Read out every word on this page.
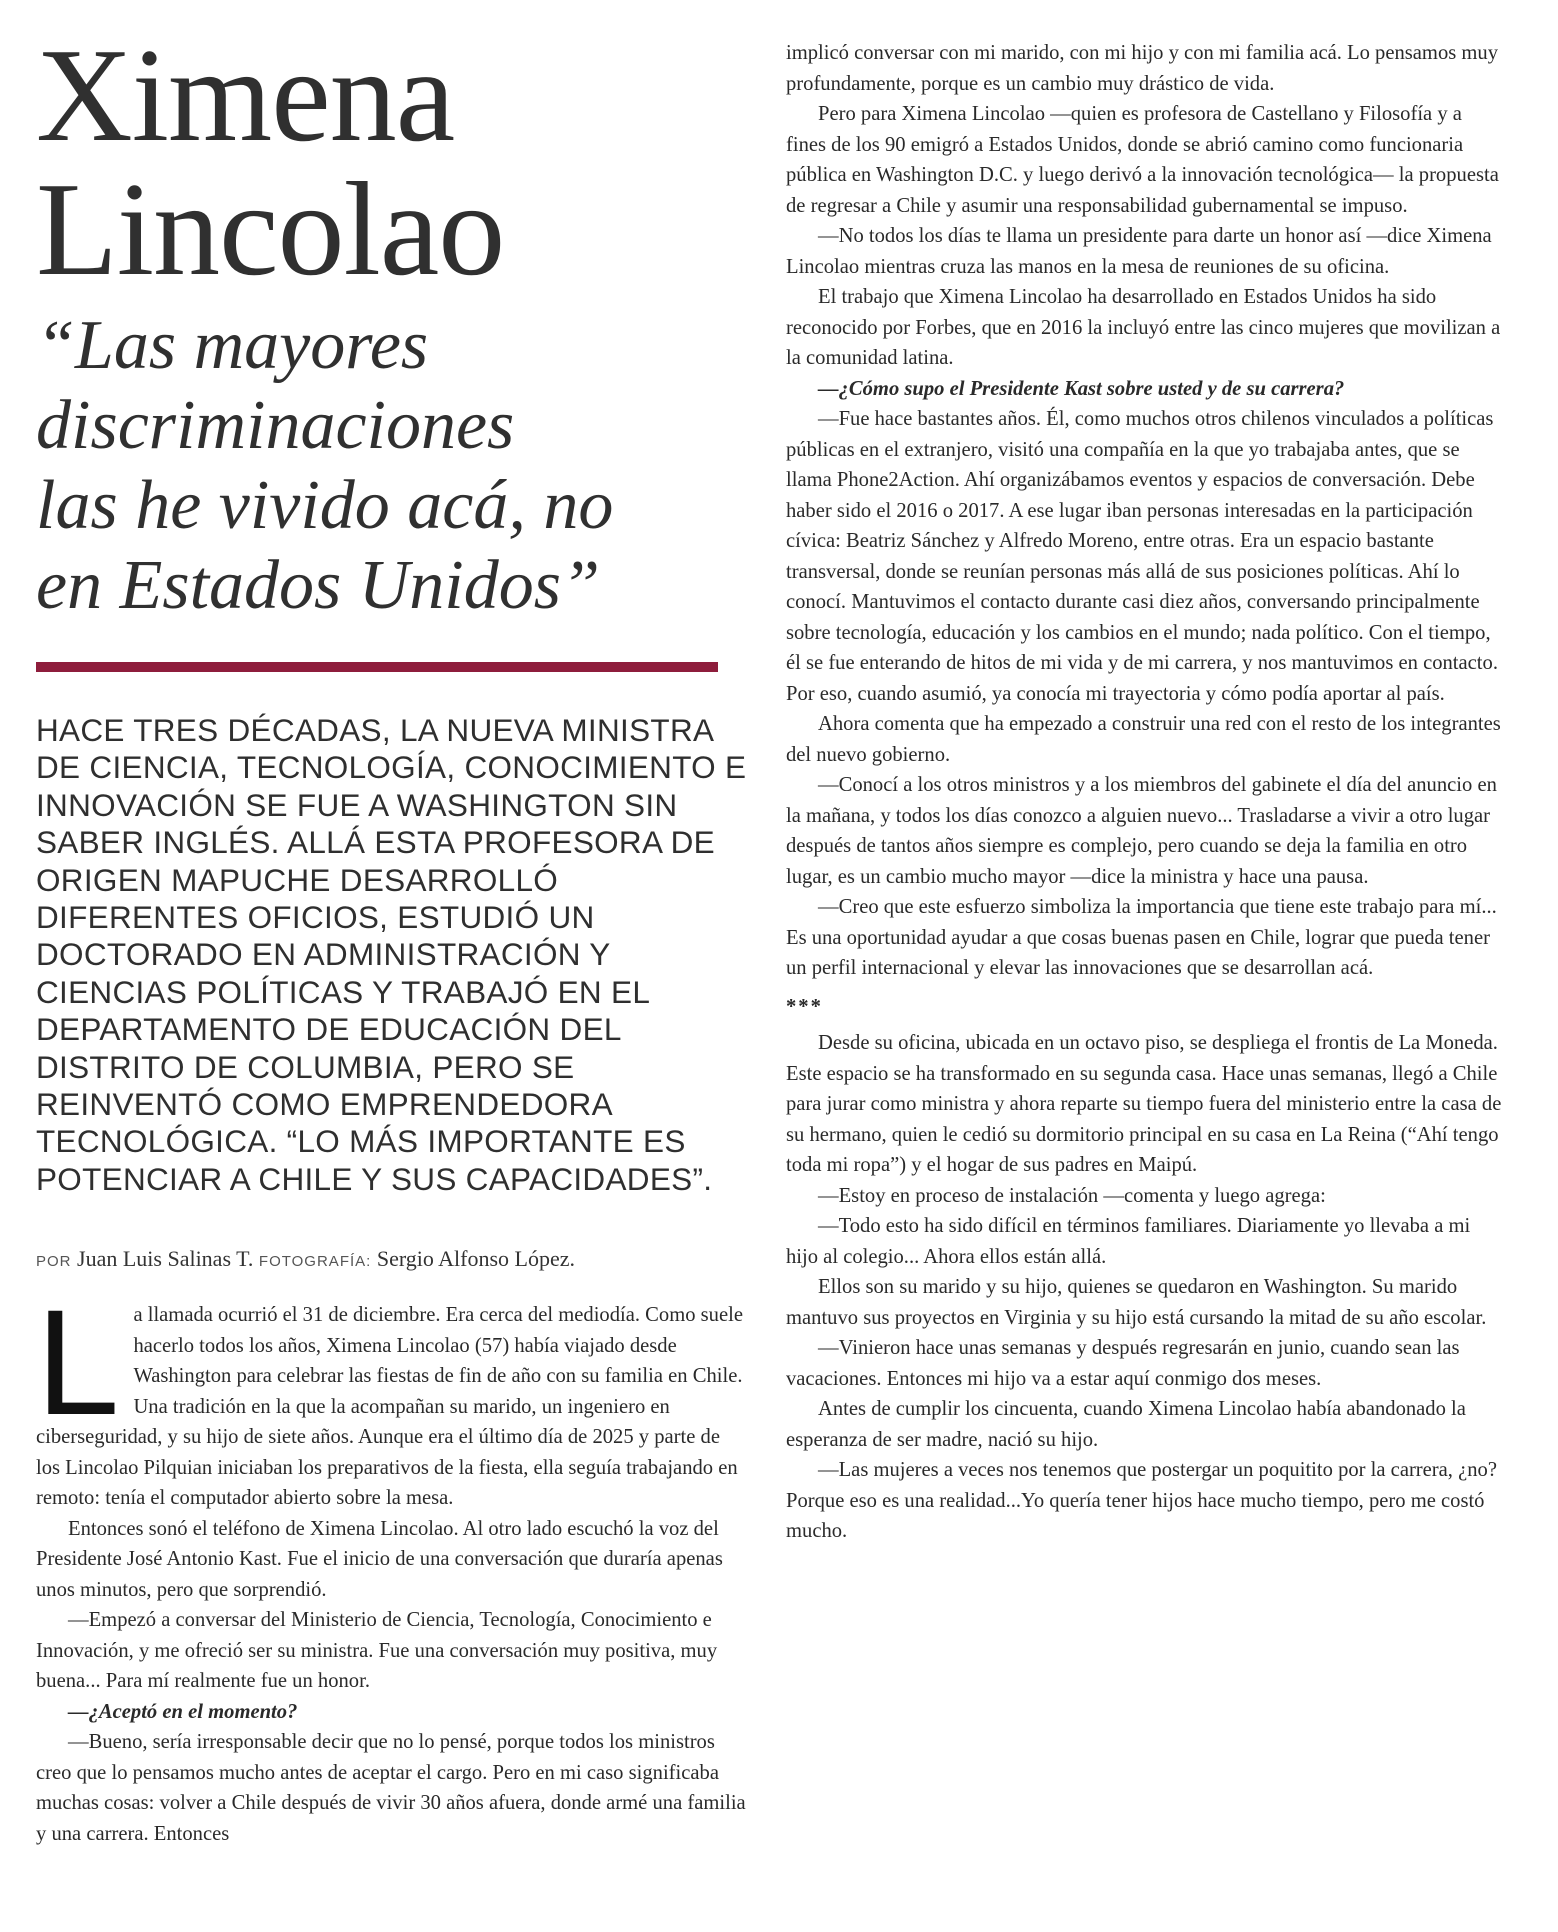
Ximena
Lincolao
“Las mayores
discriminaciones
las he vivido acá, no
en Estados Unidos”
HACE TRES DÉCADAS, LA NUEVA MINISTRA DE CIENCIA, TECNOLOGÍA, CONOCIMIENTO E INNOVACIÓN SE FUE A WASHINGTON SIN SABER INGLÉS. ALLÁ ESTA PROFESORA DE ORIGEN MAPUCHE DESARROLLÓ DIFERENTES OFICIOS, ESTUDIÓ UN DOCTORADO EN ADMINISTRACIÓN Y CIENCIAS POLÍTICAS Y TRABAJÓ EN EL DEPARTAMENTO DE EDUCACIÓN DEL DISTRITO DE COLUMBIA, PERO SE REINVENTÓ COMO EMPRENDEDORA TECNOLÓGICA. “LO MÁS IMPORTANTE ES POTENCIAR A CHILE Y SUS CAPACIDADES”.
POR Juan Luis Salinas T. FOTOGRAFÍA: Sergio Alfonso López.

La llamada ocurrió el 31 de diciembre. Era cerca del mediodía. Como suele hacerlo todos los años, Ximena Lincolao (57) había viajado desde Washington para celebrar las fiestas de fin de año con su familia en Chile. Una tradición en la que la acompañan su marido, un ingeniero en ciberseguridad, y su hijo de siete años. Aunque era el último día de 2025 y parte de los Lincolao Pilquian iniciaban los preparativos de la fiesta, ella seguía trabajando en remoto: tenía el computador abierto sobre la mesa.

Entonces sonó el teléfono de Ximena Lincolao. Al otro lado escuchó la voz del Presidente José Antonio Kast. Fue el inicio de una conversación que duraría apenas unos minutos, pero que sorprendió.

—Empezó a conversar del Ministerio de Ciencia, Tecnología, Conocimiento e Innovación, y me ofreció ser su ministra. Fue una conversación muy positiva, muy buena... Para mí realmente fue un honor.

—¿Aceptó en el momento?

—Bueno, sería irresponsable decir que no lo pensé, porque todos los ministros creo que lo pensamos mucho antes de aceptar el cargo. Pero en mi caso significaba muchas cosas: volver a Chile después de vivir 30 años afuera, donde armé una familia y una carrera. Entonces

implicó conversar con mi marido, con mi hijo y con mi familia acá. Lo pensamos muy profundamente, porque es un cambio muy drástico de vida.

Pero para Ximena Lincolao —quien es profesora de Castellano y Filosofía y a fines de los 90 emigró a Estados Unidos, donde se abrió camino como funcionaria pública en Washington D.C. y luego derivó a la innovación tecnológica— la propuesta de regresar a Chile y asumir una responsabilidad gubernamental se impuso.

—No todos los días te llama un presidente para darte un honor así —dice Ximena Lincolao mientras cruza las manos en la mesa de reuniones de su oficina.

El trabajo que Ximena Lincolao ha desarrollado en Estados Unidos ha sido reconocido por Forbes, que en 2016 la incluyó entre las cinco mujeres que movilizan a la comunidad latina.

—¿Cómo supo el Presidente Kast sobre usted y de su carrera?

—Fue hace bastantes años. Él, como muchos otros chilenos vinculados a políticas públicas en el extranjero, visitó una compañía en la que yo trabajaba antes, que se llama Phone2Action. Ahí organizábamos eventos y espacios de conversación. Debe haber sido el 2016 o 2017. A ese lugar iban personas interesadas en la participación cívica: Beatriz Sánchez y Alfredo Moreno, entre otras. Era un espacio bastante transversal, donde se reunían personas más allá de sus posiciones políticas. Ahí lo conocí. Mantuvimos el contacto durante casi diez años, conversando principalmente sobre tecnología, educación y los cambios en el mundo; nada político. Con el tiempo, él se fue enterando de hitos de mi vida y de mi carrera, y nos mantuvimos en contacto. Por eso, cuando asumió, ya conocía mi trayectoria y cómo podía aportar al país.

Ahora comenta que ha empezado a construir una red con el resto de los integrantes del nuevo gobierno.

—Conocí a los otros ministros y a los miembros del gabinete el día del anuncio en la mañana, y todos los días conozco a alguien nuevo... Trasladarse a vivir a otro lugar después de tantos años siempre es complejo, pero cuando se deja la familia en otro lugar, es un cambio mucho mayor —dice la ministra y hace una pausa.

—Creo que este esfuerzo simboliza la importancia que tiene este trabajo para mí... Es una oportunidad ayudar a que cosas buenas pasen en Chile, lograr que pueda tener un perfil internacional y elevar las innovaciones que se desarrollan acá.

***

Desde su oficina, ubicada en un octavo piso, se despliega el frontis de La Moneda. Este espacio se ha transformado en su segunda casa. Hace unas semanas, llegó a Chile para jurar como ministra y ahora reparte su tiempo fuera del ministerio entre la casa de su hermano, quien le cedió su dormitorio principal en su casa en La Reina (“Ahí tengo toda mi ropa”) y el hogar de sus padres en Maipú.

—Estoy en proceso de instalación —comenta y luego agrega:

—Todo esto ha sido difícil en términos familiares. Diariamente yo llevaba a mi hijo al colegio... Ahora ellos están allá.

Ellos son su marido y su hijo, quienes se quedaron en Washington. Su marido mantuvo sus proyectos en Virginia y su hijo está cursando la mitad de su año escolar.

—Vinieron hace unas semanas y después regresarán en junio, cuando sean las vacaciones. Entonces mi hijo va a estar aquí conmigo dos meses.

Antes de cumplir los cincuenta, cuando Ximena Lincolao había abandonado la esperanza de ser madre, nació su hijo.

—Las mujeres a veces nos tenemos que postergar un poquitito por la carrera, ¿no? Porque eso es una realidad...Yo quería tener hijos hace mucho tiempo, pero me costó mucho.
